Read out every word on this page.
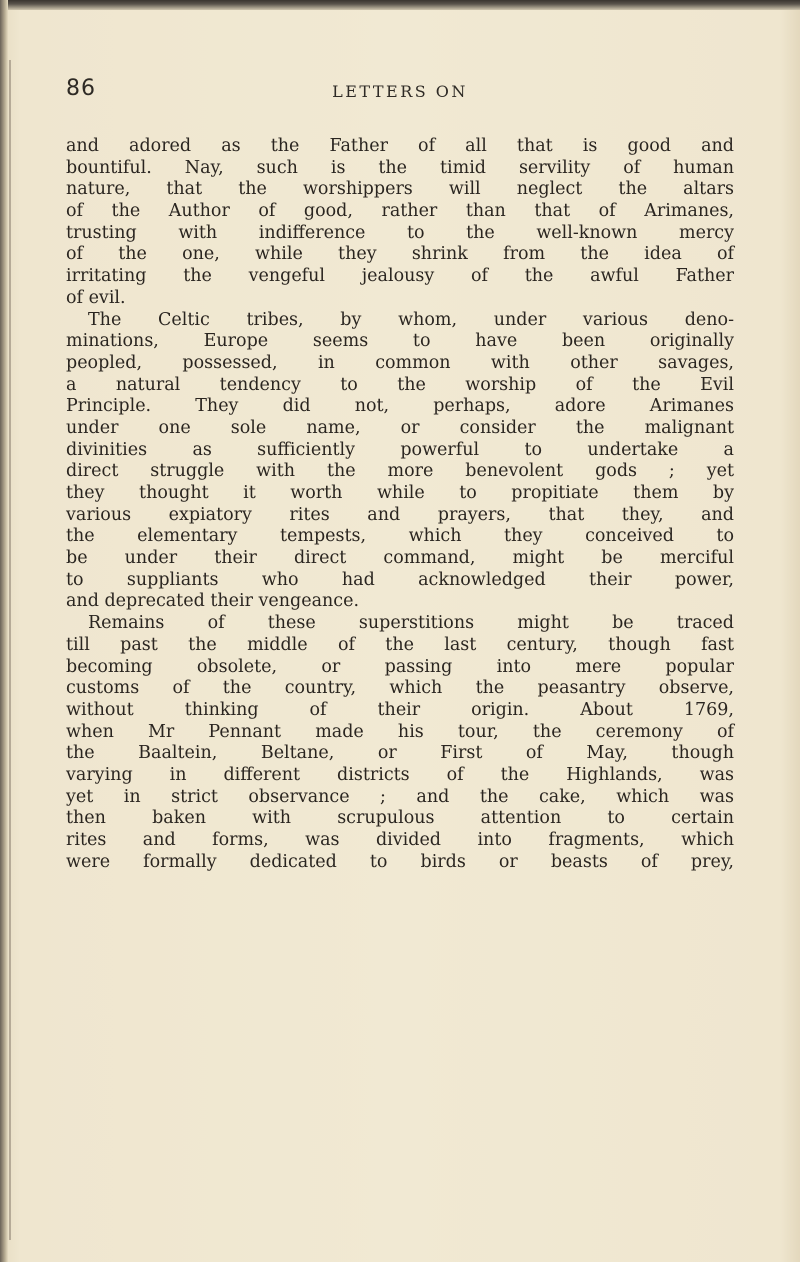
86	LETTERS ON
and adored as the Father of all that is good and
bountiful. Nay, such is the timid servility of human
nature, that the worshippers will neglect the altars
of the Author of good, rather than that of Arimanes,
trusting with indifference to the well-known mercy
of the one, while they shrink from the idea of
irritating the vengeful jealousy of the awful Father
of evil.
The Celtic tribes, by whom, under various deno-
minations, Europe seems to have been originally
peopled, possessed, in common with other savages,
a natural tendency to the worship of the Evil
Principle. They did not, perhaps, adore Arimanes
under one sole name, or consider the malignant
divinities as sufficiently powerful to undertake a
direct struggle with the more benevolent gods ; yet
they thought it worth while to propitiate them by
various expiatory rites and prayers, that they, and
the elementary tempests, which they conceived to
be under their direct command, might be merciful
to suppliants who had acknowledged their power,
and deprecated their vengeance.
Remains of these superstitions might be traced
till past the middle of the last century, though fast
becoming obsolete, or passing into mere popular
customs of the country, which the peasantry observe,
without thinking of their origin. About 1769,
when Mr Pennant made his tour, the ceremony of
the Baaltein, Beltane, or First of May, though
varying in different districts of the Highlands, was
yet in strict observance ; and the cake, which was
then baken with scrupulous attention to certain
rites and forms, was divided into fragments, which
were formally dedicated to birds or beasts of prey,
